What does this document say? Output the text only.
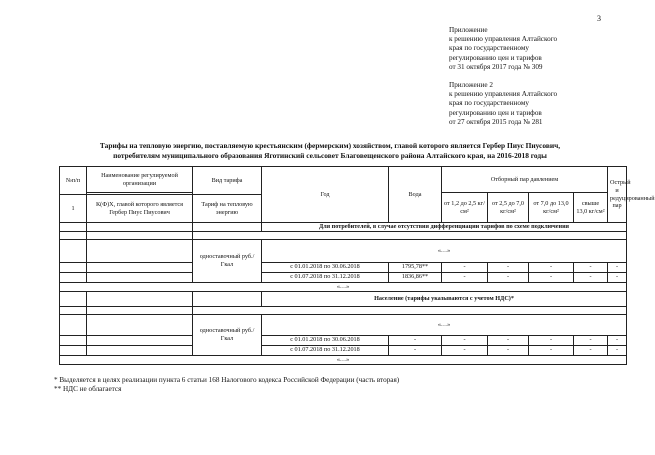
3
Приложение
к решению управления Алтайского
края по государственному
регулированию цен и тарифов
от 31 октября 2017 года № 309
Приложение 2
к решению управления Алтайского
края по государственному
регулированию цен и тарифов
от 27 октября 2015 года № 281
Тарифы на тепловую энергию, поставляемую крестьянским (фермерским) хозяйством, главой которого является Гербер Пиус Пиусович,
потребителям муниципального образования Яготинский сельсовет Благовещенского района Алтайского края, на 2016-2018 годы
№п/п	Наименование регулируемой организации	Вид тарифа	Год	Вода	Отборный пар давлением				Острый и редуцированный пар
					от 1,2 до 2,5 кг/см²	от 2,5 до 7,0 кг/см²	от 7,0 до 13,0 кг/см²	свыше 13,0 кг/см²	
1	К(Ф)Х, главой которого является Гербер Пиус Пиусович	Тариф на тепловую энергию							
			Для потребителей, в случае отсутствия дифференциации тарифов по схеме подключения						

		одноставочный руб./Гкал	«…»						
			с 01.01.2018 по 30.06.2018	1795,78**	-	-	-	-	-
			с 01.07.2018 по 31.12.2018	1836,86**	-	-	-	-	-
«…»									
			Население (тарифы указываются с учетом НДС)*						

		одноставочный руб./Гкал	«…»						
			с 01.01.2018 по 30.06.2018	-	-	-	-	-	-
			с 01.07.2018 по 31.12.2018	-	-	-	-	-	-
«…»									
* Выделяется в целях реализации пункта 6 статьи 168 Налогового кодекса Российской Федерации (часть вторая)
** НДС не облагается
